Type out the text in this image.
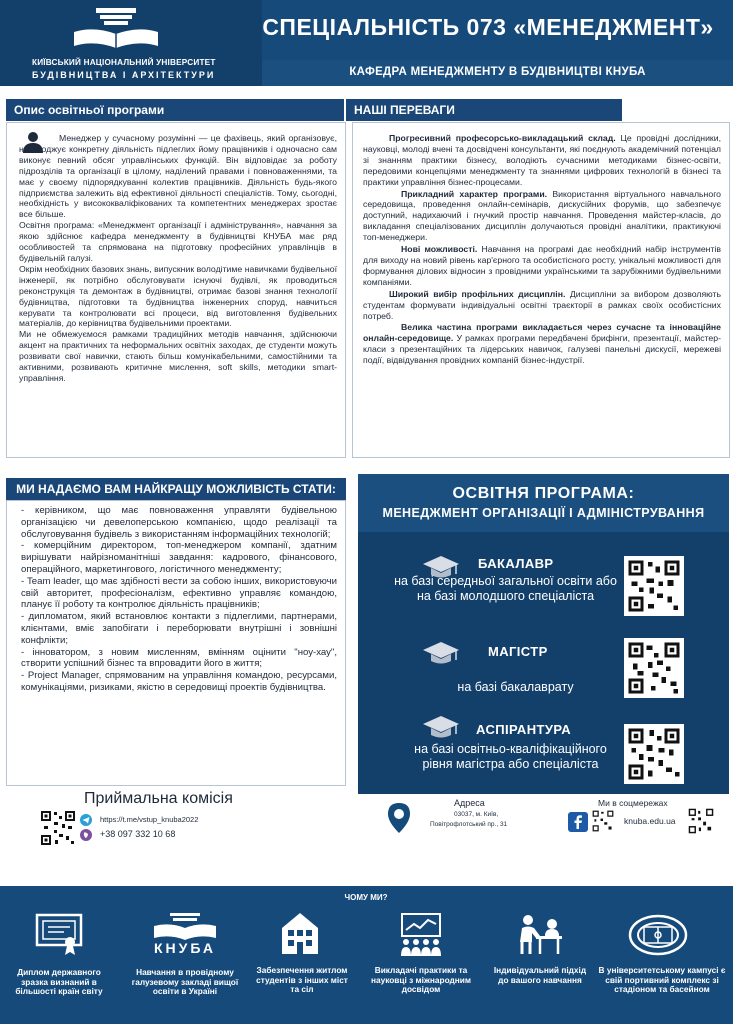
КИЇВСЬКИЙ НАЦІОНАЛЬНИЙ УНІВЕРСИТЕТ
БУДІВНИЦТВА І АРХІТЕКТУРИ
СПЕЦІАЛЬНІСТЬ 073 «МЕНЕДЖМЕНТ»
КАФЕДРА МЕНЕДЖМЕНТУ В БУДІВНИЦТВІ КНУБА
Опис освітньої програми
Менеджер у сучасному розумінні — це фахівець, який організовує, налагоджує конкретну діяльність підлеглих йому працівників і одночасно сам виконує певний обсяг управлінських функцій. Він відповідає за роботу підрозділів та організації в цілому, наділений правами і повноваженнями, та має у своєму підпорядкуванні колектив працівників. Діяльність будь-якого підприємства залежить від ефективної діяльності спеціалістів. Тому, сьогодні, необхідність у висококваліфікованих та компетентних менеджерах зростає все більше.
Освітня програма: «Менеджмент організації і адміністрування», навчання за якою здійснює кафедра менеджменту в будівництві КНУБА має ряд особливостей та спрямована на підготовку професійних управлінців в будівельній галузі.
Окрім необхідних базових знань, випускник володітиме навичками будівельної інженерії, як потрібно обслуговувати існуючі будівлі, як проводиться реконструкція та демонтаж в будівництві, отримає базові знання технології будівництва, підготовки та будівництва інженерних споруд, навчиться керувати та контролювати всі процеси, від виготовлення будівельних матеріалів, до керівництва будівельними проектами.
Ми не обмежуємося рамками традиційних методів навчання, здійснюючи акцент на практичних та неформальних освітніх заходах, де студенти можуть розвивати свої навички, стають більш комунікабельними, самостійними та активними, розвивають критичне мислення, soft skills, методики smart-управління.
НАШІ ПЕРЕВАГИ

Прогресивний професорсько-викладацький склад. Це провідні дослідники, науковці, молоді вчені та досвідчені консультанти, які поєднують академічний потенціал зі знанням практики бізнесу, володіють сучасними методиками бізнес-освіти, передовими концепціями менеджменту та знаннями цифрових технологій в бізнесі та практики управління бізнес-процесами.

Прикладний характер програми. Використання віртуального навчального середовища, проведення онлайн-семінарів, дискусійних форумів, що забезпечує доступний, надихаючий і гнучкий простір навчання. Проведення майстер-класів, до викладання спеціалізованих дисциплін долучаються провідні аналітики, практикуючі топ-менеджери.

Нові можливості. Навчання на програмі дає необхідний набір інструментів для виходу на новий рівень кар'єрного та особистісного росту, унікальні можливості для формування ділових відносин з провідними українськими та зарубіжними будівельними компаніями.

Широкий вибір профільних дисциплін. Дисципліни за вибором дозволяють студентам формувати індивідуальні освітні траєкторії в рамках своїх особистісних потреб.

Велика частина програми викладається через сучасне та інноваційне онлайн-середовище. У рамках програми передбачені брифінги, презентації, майстер-класи з презентаційних та лідерських навичок, галузеві панельні дискусії, мережеві події, відвідування провідних компаній бізнес-індустрії.

МИ НАДАЄМО ВАМ НАЙКРАЩУ МОЖЛИВІСТЬ СТАТИ:
- керівником, що має повноваження управляти будівельною організацією чи девелоперською компанією, щодо реалізації та обслуговування будівель з використанням інформаційних технологій;
- комерційним директором, топ-менеджером компанії, здатним вирішувати найрізноманітніші завдання: кадрового, фінансового, операційного, маркетингового, логістичного менеджменту;
- Team leader, що має здібності вести за собою інших, використовуючи свій авторитет, професіоналізм, ефективно управляє командою, планує її роботу та контролює діяльність працівників;
- дипломатом, який встановлює контакти з підлеглими, партнерами, клієнтами, вміє запобігати і переборювати внутрішні і зовнішні конфлікти;
- інноватором, з новим мисленням, вмінням оцінити "ноу-хау", створити успішний бізнес та впровадити його в життя;
- Project Manager, спрямованим на управління командою, ресурсами, комунікаціями, ризиками, якістю в середовищі проектів будівництва.
Приймальна комісія
https://t.me/vstup_knuba2022
+38 097 332 10 68
ОСВІТНЯ ПРОГРАМА:
МЕНЕДЖМЕНТ ОРГАНІЗАЦІЇ І АДМІНІСТРУВАННЯ
БАКАЛАВР
на базі середньої загальної освіти або на базі молодшого спеціаліста
МАГІСТР
на базі бакалаврату
АСПІРАНТУРА
на базі освітньо-кваліфікаційного рівня магістра або спеціаліста
Адреса
03037, м. Київ,
Повітрофлотський пр., 31
Ми в соцмережах
knuba.edu.ua
ЧОМУ МИ?
Диплом державного зразка визнаний в більшості країн світу
КНУБА
Навчання в провідному галузевому закладі вищої освіти в Україні
Забезпечення житлом студентів з інших міст та сіл
Викладачі практики та науковці з міжнародним досвідом
Індивідуальний підхід до вашого навчання
В університетському кампусі є свій портивний комплекс зі стадіоном та басейном
